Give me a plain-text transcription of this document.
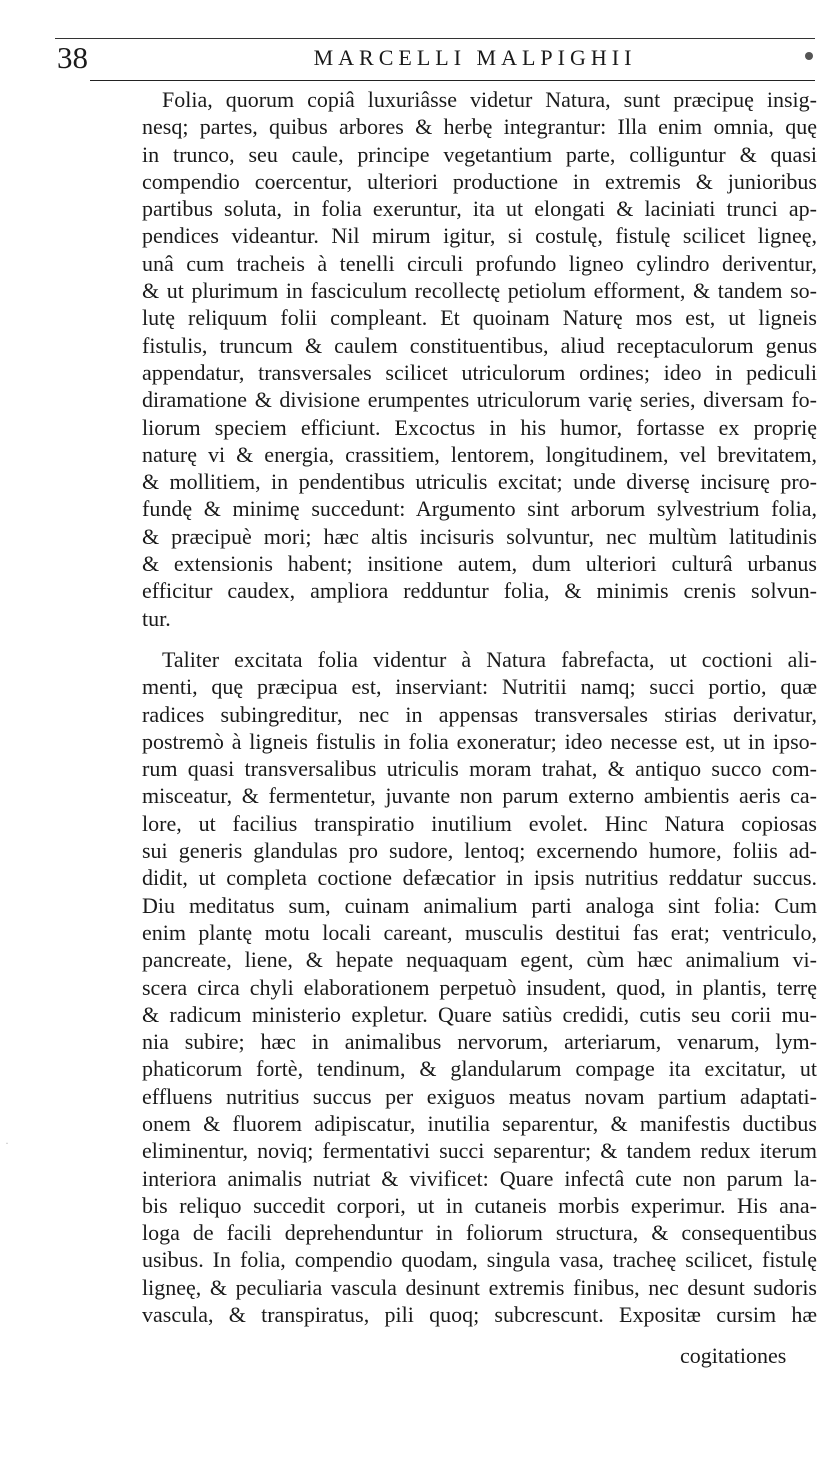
38	MARCELLI MALPIGHII
Folia, quorum copiâ luxuriâsse videtur Natura, sunt præcipuę insig-
nesq; partes, quibus arbores & herbę integrantur: Illa enim omnia, quę
in trunco, seu caule, principe vegetantium parte, colliguntur & quasi
compendio coercentur, ulteriori productione in extremis & junioribus
partibus soluta, in folia exeruntur, ita ut elongati & laciniati trunci ap-
pendices videantur. Nil mirum igitur, si costulę, fistulę scilicet ligneę,
unâ cum tracheis à tenelli circuli profundo ligneo cylindro deriventur,
& ut plurimum in fasciculum recollectę petiolum efforment, & tandem so-
lutę reliquum folii compleant. Et quoinam Naturę mos est, ut ligneis
fistulis, truncum & caulem constituentibus, aliud receptaculorum genus
appendatur, transversales scilicet utriculorum ordines; ideo in pediculi
diramatione & divisione erumpentes utriculorum varię series, diversam fo-
liorum speciem efficiunt. Excoctus in his humor, fortasse ex proprię
naturę vi & energia, crassitiem, lentorem, longitudinem, vel brevitatem,
& mollitiem, in pendentibus utriculis excitat; unde diversę incisurę pro-
fundę & minimę succedunt: Argumento sint arborum sylvestrium folia,
& præcipuè mori; hæc altis incisuris solvuntur, nec multùm latitudinis
& extensionis habent; insitione autem, dum ulteriori culturâ urbanus
efficitur caudex, ampliora redduntur folia, & minimis crenis solvun-
tur.
Taliter excitata folia videntur à Natura fabrefacta, ut coctioni ali-
menti, quę præcipua est, inserviant: Nutritii namq; succi portio, quæ
radices subingreditur, nec in appensas transversales stirias derivatur,
postremò à ligneis fistulis in folia exoneratur; ideo necesse est, ut in ipso-
rum quasi transversalibus utriculis moram trahat, & antiquo succo com-
misceatur, & fermentetur, juvante non parum externo ambientis aeris ca-
lore, ut facilius transpiratio inutilium evolet. Hinc Natura copiosas
sui generis glandulas pro sudore, lentoq; excernendo humore, foliis ad-
didit, ut completa coctione defæcatior in ipsis nutritius reddatur succus.
Diu meditatus sum, cuinam animalium parti analoga sint folia: Cum
enim plantę motu locali careant, musculis destitui fas erat; ventriculo,
pancreate, liene, & hepate nequaquam egent, cùm hæc animalium vi-
scera circa chyli elaborationem perpetuò insudent, quod, in plantis, terrę
& radicum ministerio expletur. Quare satiùs credidi, cutis seu corii mu-
nia subire; hæc in animalibus nervorum, arteriarum, venarum, lym-
phaticorum fortè, tendinum, & glandularum compage ita excitatur, ut
effluens nutritius succus per exiguos meatus novam partium adaptati-
onem & fluorem adipiscatur, inutilia separentur, & manifestis ductibus
eliminentur, noviq; fermentativi succi separentur; & tandem redux iterum
interiora animalis nutriat & vivificet: Quare infectâ cute non parum la-
bis reliquo succedit corpori, ut in cutaneis morbis experimur. His ana-
loga de facili deprehenduntur in foliorum structura, & consequentibus
usibus. In folia, compendio quodam, singula vasa, tracheę scilicet, fistulę
ligneę, & peculiaria vascula desinunt extremis finibus, nec desunt sudoris
vascula, & transpiratus, pili quoq; subcrescunt. Expositæ cursim hæ
cogitationes
·
